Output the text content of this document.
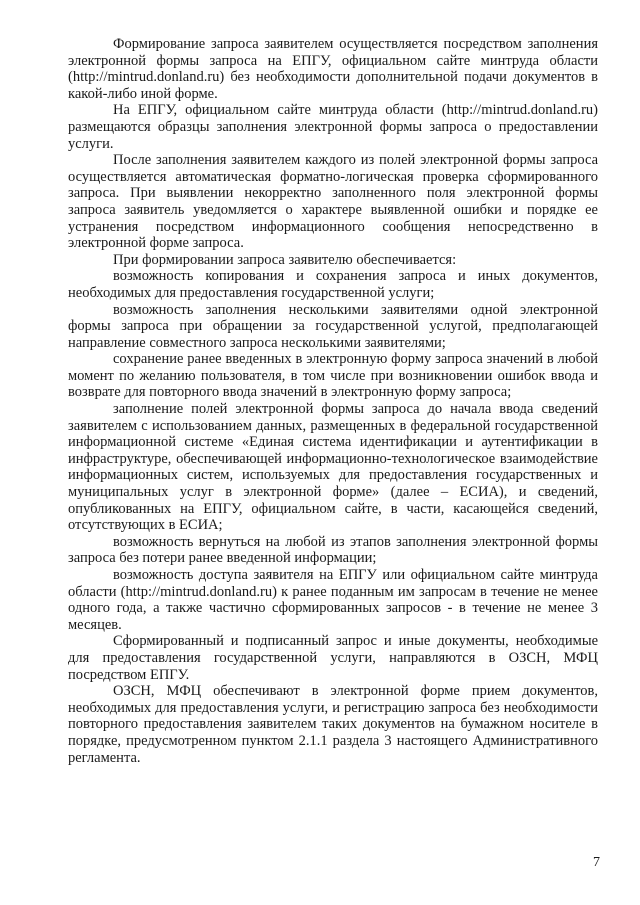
Формирование запроса заявителем осуществляется посредством заполнения электронной формы запроса на ЕПГУ, официальном сайте минтруда области (http://mintrud.donland.ru) без необходимости дополнительной подачи документов в какой-либо иной форме.

На ЕПГУ, официальном сайте минтруда области (http://mintrud.donland.ru) размещаются образцы заполнения электронной формы запроса о предоставлении услуги.

После заполнения заявителем каждого из полей электронной формы запроса осуществляется автоматическая форматно-логическая проверка сформированного запроса. При выявлении некорректно заполненного поля электронной формы запроса заявитель уведомляется о характере выявленной ошибки и порядке ее устранения посредством информационного сообщения непосредственно в электронной форме запроса.

При формировании запроса заявителю обеспечивается:

возможность копирования и сохранения запроса и иных документов, необходимых для предоставления государственной услуги;

возможность заполнения несколькими заявителями одной электронной формы запроса при обращении за государственной услугой, предполагающей направление совместного запроса несколькими заявителями;

сохранение ранее введенных в электронную форму запроса значений в любой момент по желанию пользователя, в том числе при возникновении ошибок ввода и возврате для повторного ввода значений в электронную форму запроса;

заполнение полей электронной формы запроса до начала ввода сведений заявителем с использованием данных, размещенных в федеральной государственной информационной системе «Единая система идентификации и аутентификации в инфраструктуре, обеспечивающей информационно-технологическое взаимодействие информационных систем, используемых для предоставления государственных и муниципальных услуг в электронной форме» (далее – ЕСИА), и сведений, опубликованных на ЕПГУ, официальном сайте, в части, касающейся сведений, отсутствующих в ЕСИА;

возможность вернуться на любой из этапов заполнения электронной формы запроса без потери ранее введенной информации;

возможность доступа заявителя на ЕПГУ или официальном сайте минтруда области (http://mintrud.donland.ru) к ранее поданным им запросам в течение не менее одного года, а также частично сформированных запросов - в течение не менее 3 месяцев.

Сформированный и подписанный запрос и иные документы, необходимые для предоставления государственной услуги, направляются в ОЗСН, МФЦ посредством ЕПГУ.

ОЗСН, МФЦ обеспечивают в электронной форме прием документов, необходимых для предоставления услуги, и регистрацию запроса без необходимости повторного предоставления заявителем таких документов на бумажном носителе в порядке, предусмотренном пунктом 2.1.1 раздела 3 настоящего Административного регламента.

7
